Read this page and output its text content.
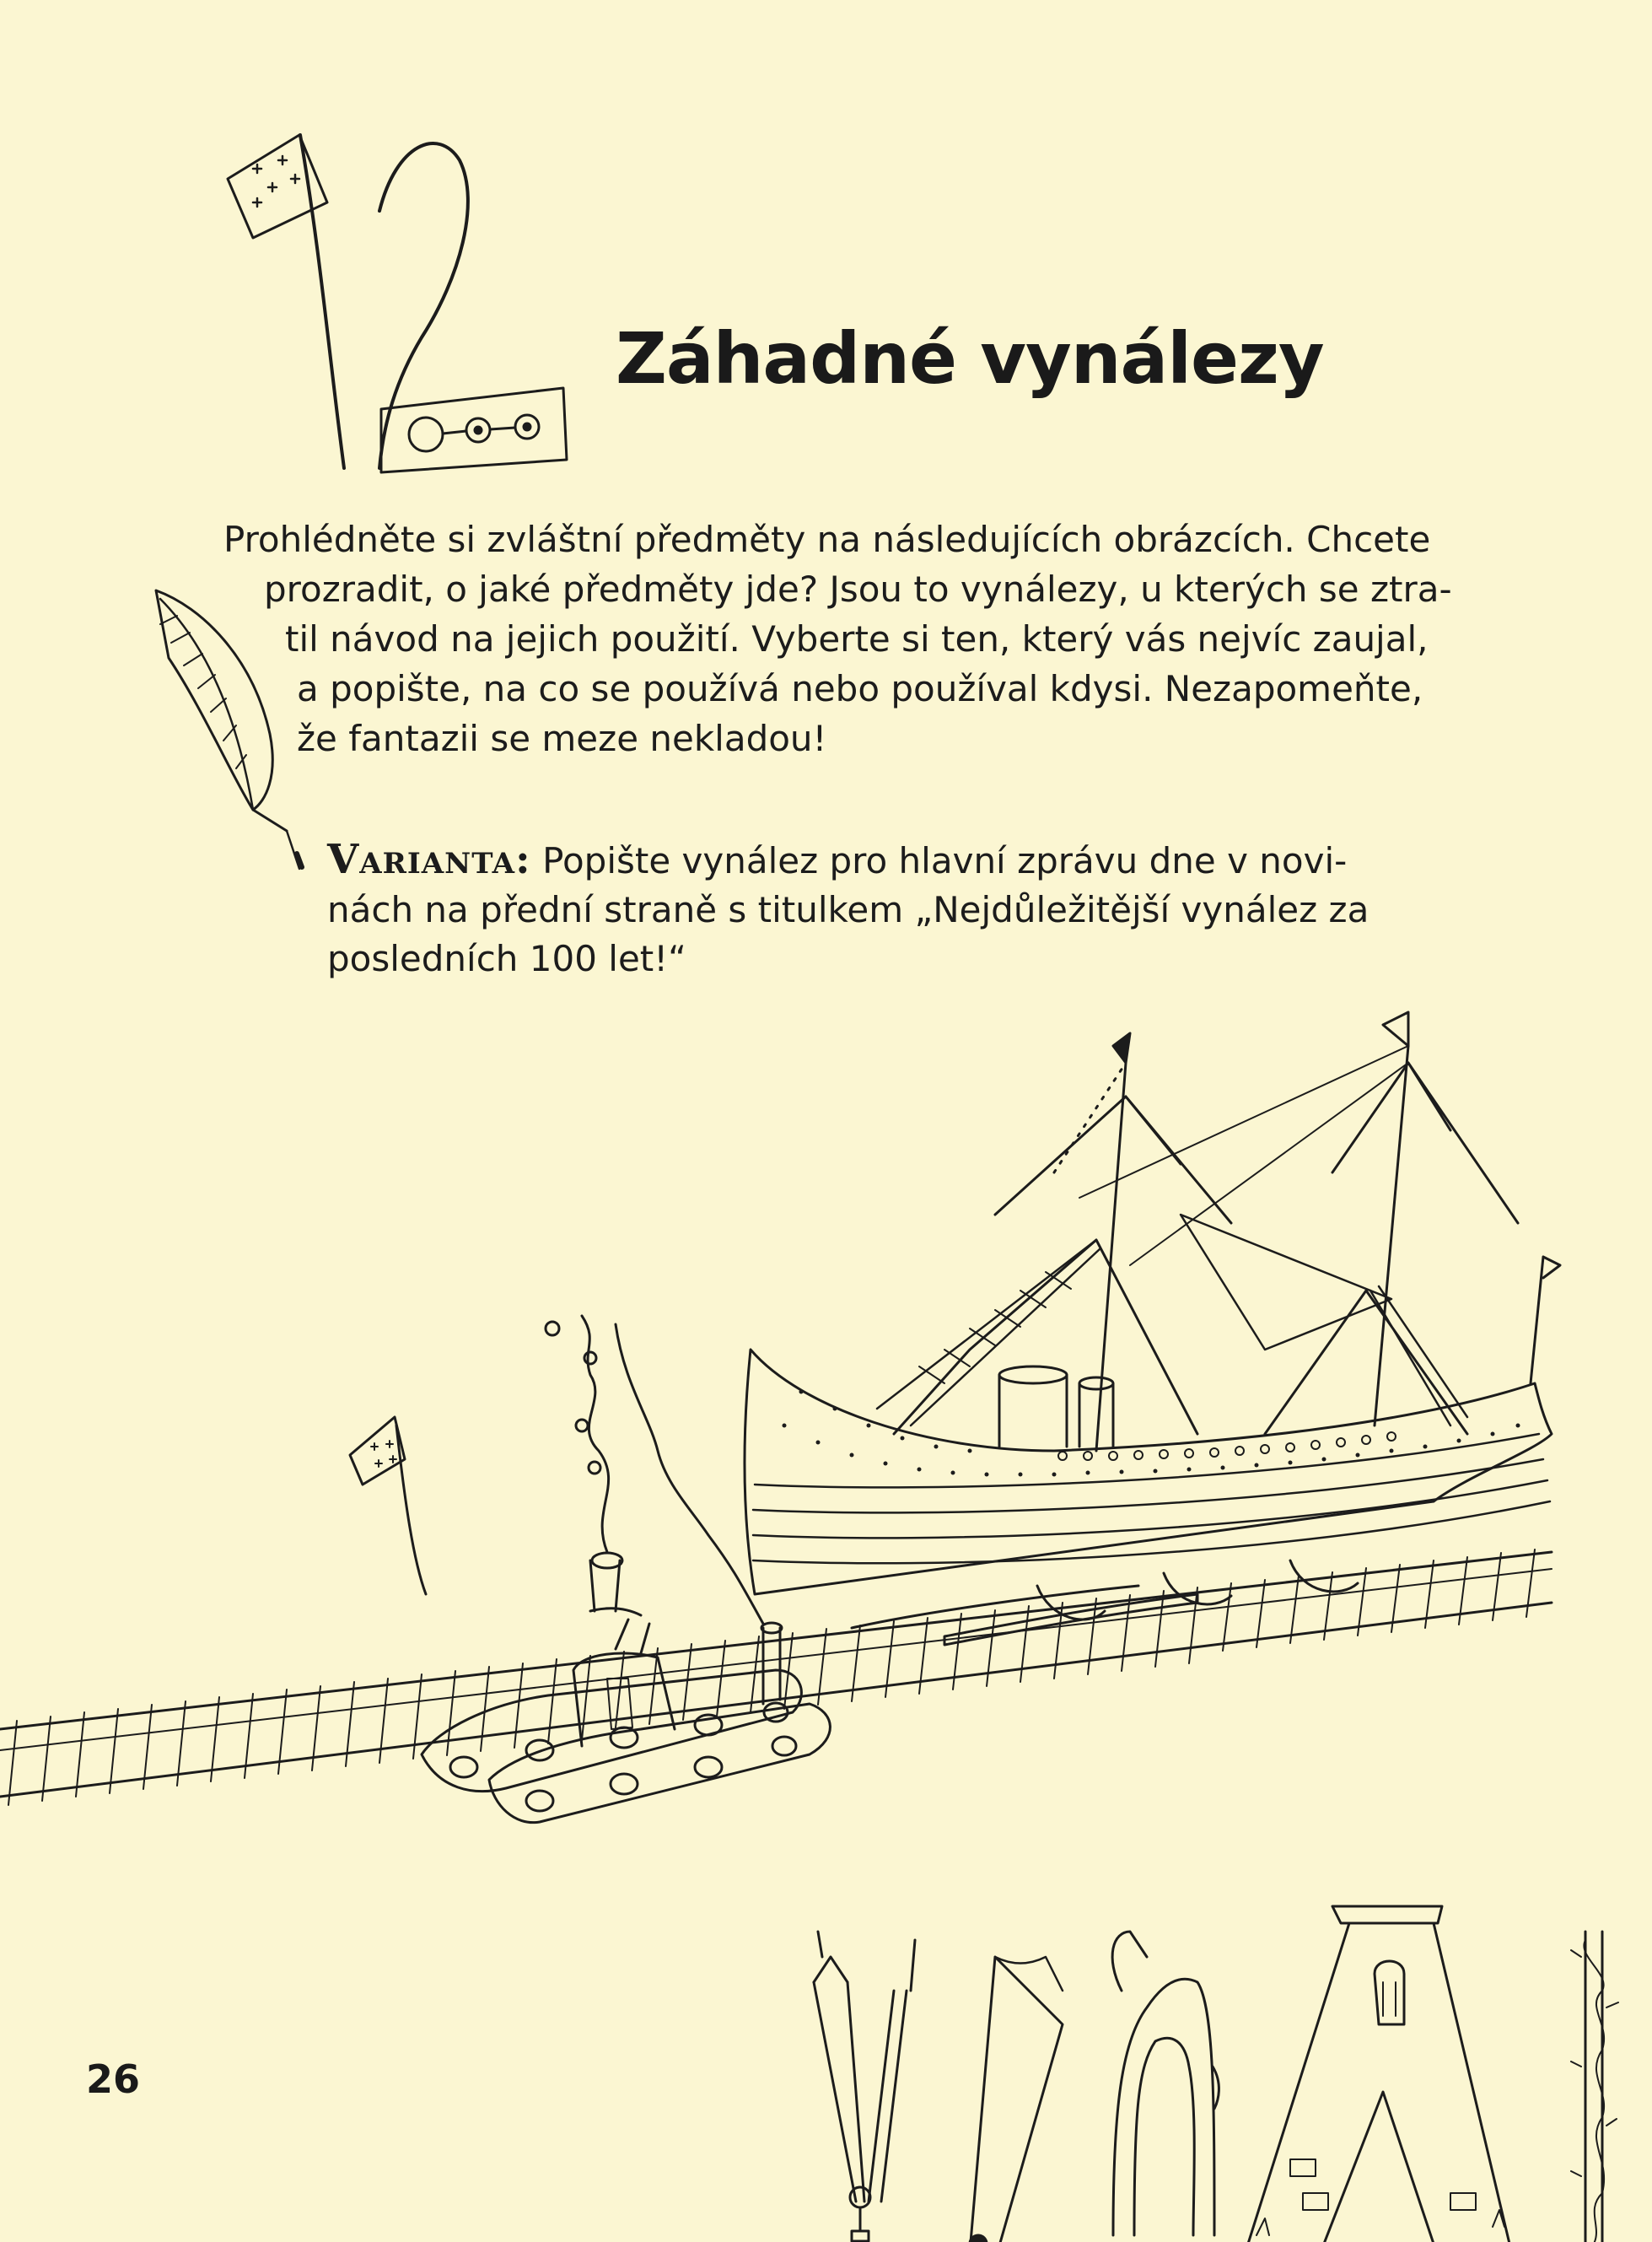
Záhadné vynálezy
Prohlédněte si zvláštní předměty na následujících obrázcích. Chcete
prozradit, o jaké předměty jde? Jsou to vynálezy, u kterých se ztra-
til návod na jejich použití. Vyberte si ten, který vás nejvíc zaujal,
a popište, na co se používá nebo používal kdysi. Nezapomeňte,
že fantazii se meze nekladou!
Varianta: Popište vynález pro hlavní zprávu dne v novi-
nách na přední straně s titulkem „Nejdůležitější vynález za
posledních 100 let!“
26
